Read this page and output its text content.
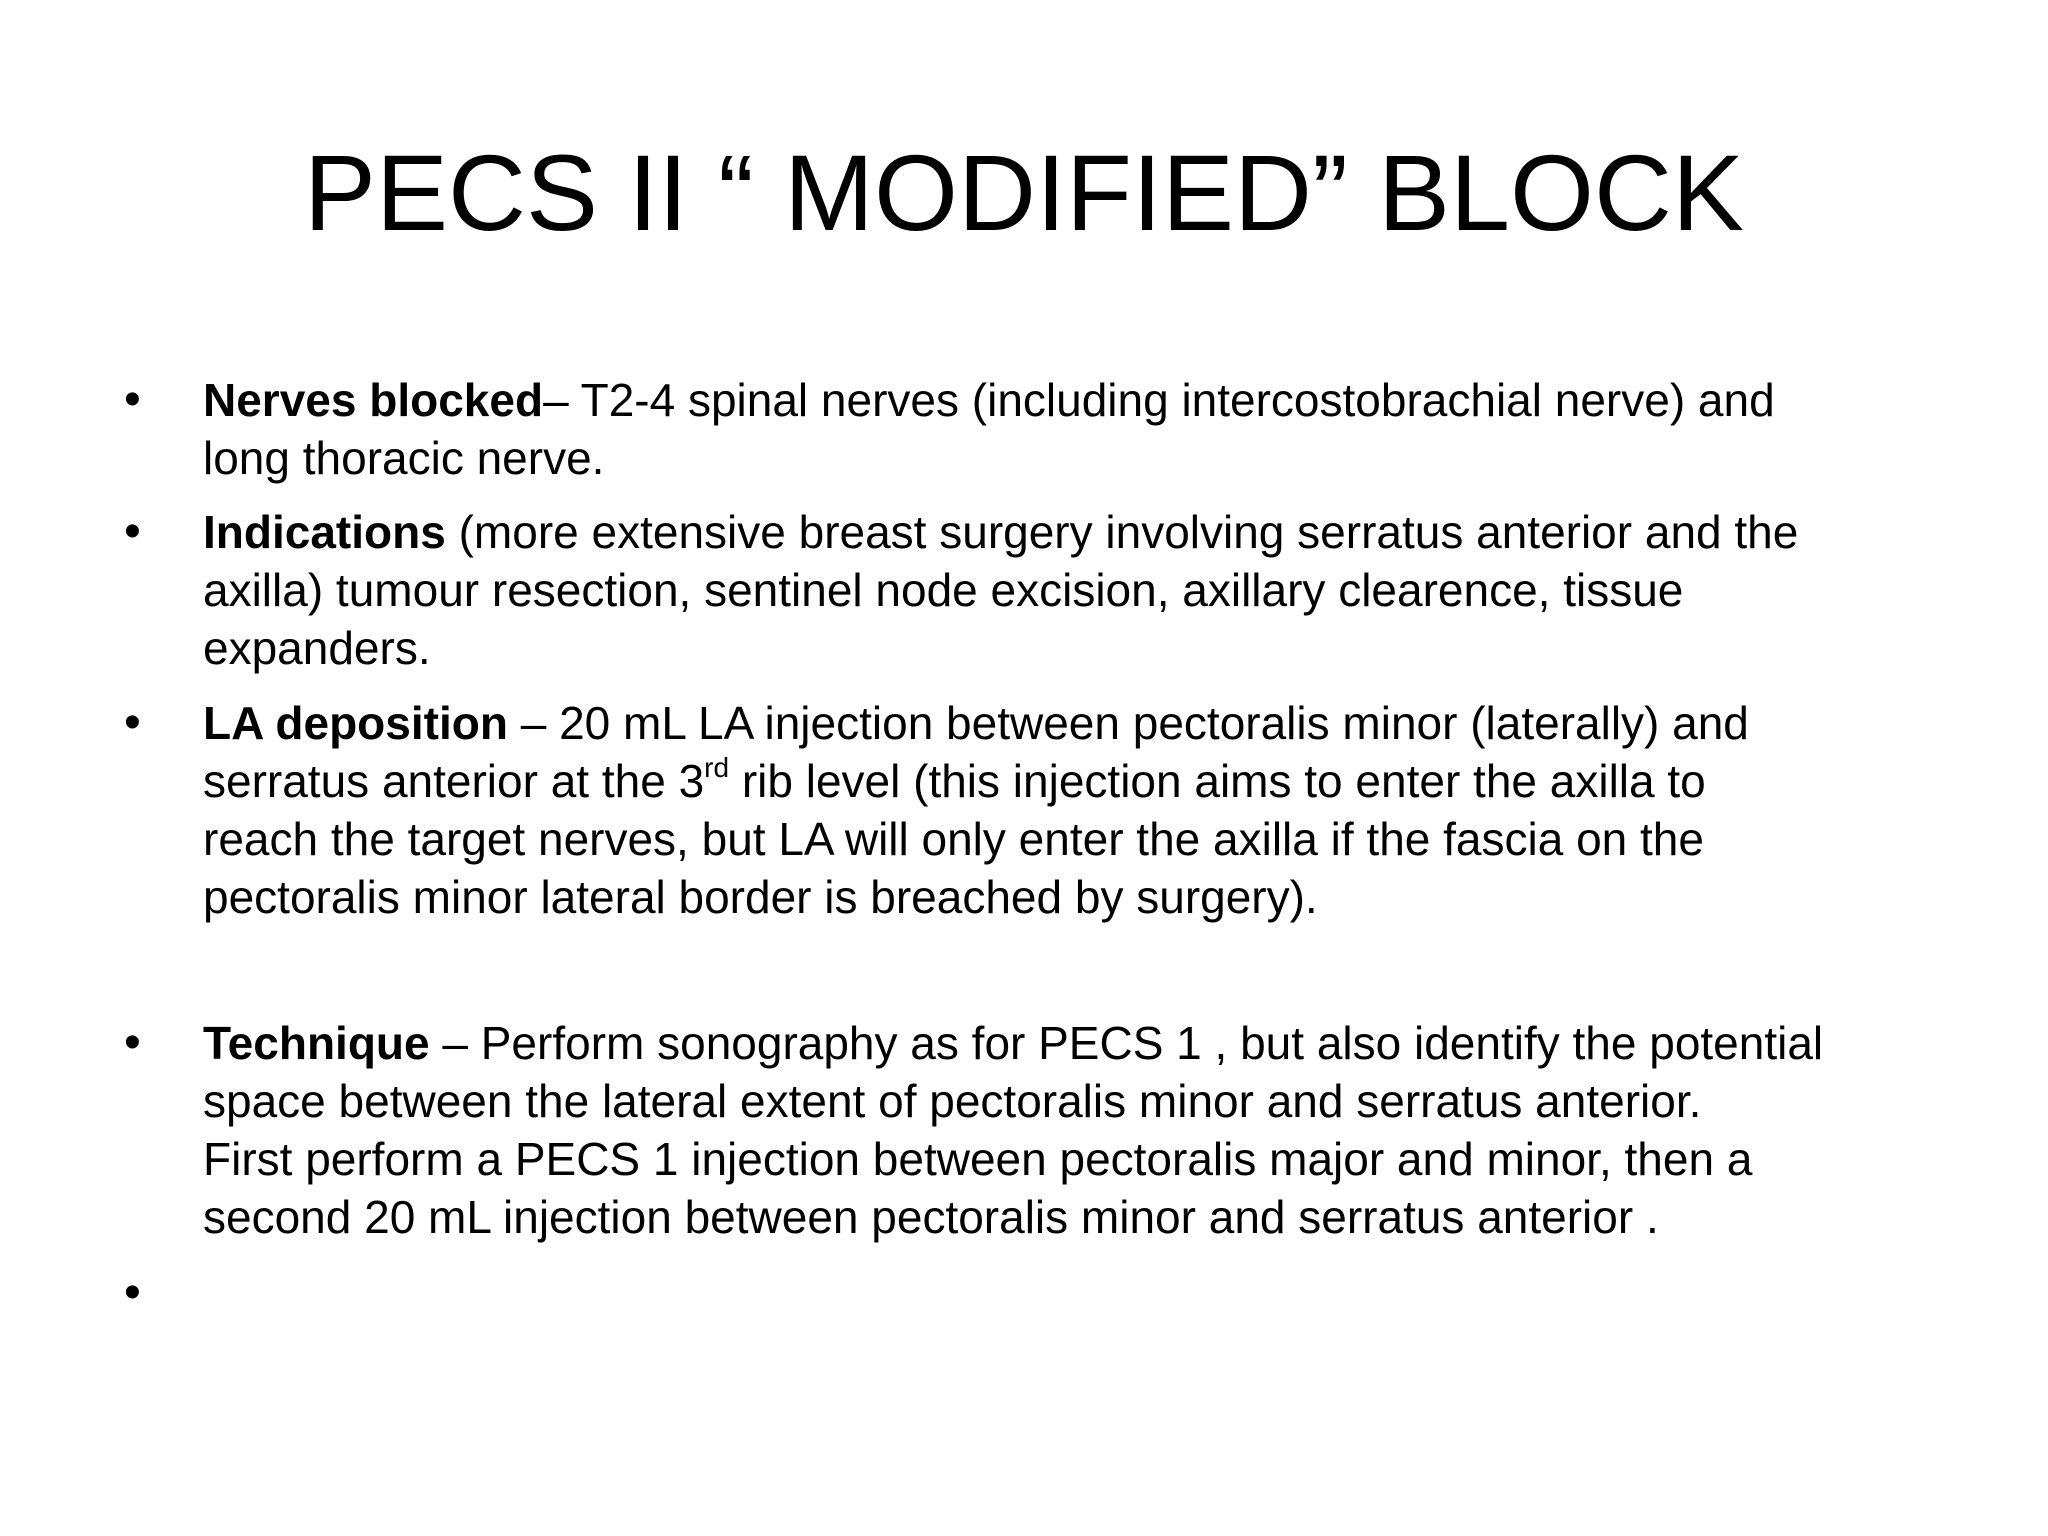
PECS II “ MODIFIED” BLOCK
• Nerves blocked– T2-4 spinal nerves (including intercostobrachial nerve) and
long thoracic nerve.
• Indications (more extensive breast surgery involving serratus anterior and the
axilla) tumour resection, sentinel node excision, axillary clearence, tissue
expanders.
• LA deposition – 20 mL LA injection between pectoralis minor (laterally) and
serratus anterior at the 3rd rib level (this injection aims to enter the axilla to
reach the target nerves, but LA will only enter the axilla if the fascia on the
pectoralis minor lateral border is breached by surgery).
• Technique – Perform sonography as for PECS 1 , but also identify the potential
space between the lateral extent of pectoralis minor and serratus anterior.
First perform a PECS 1 injection between pectoralis major and minor, then a
second 20 mL injection between pectoralis minor and serratus anterior .
•
